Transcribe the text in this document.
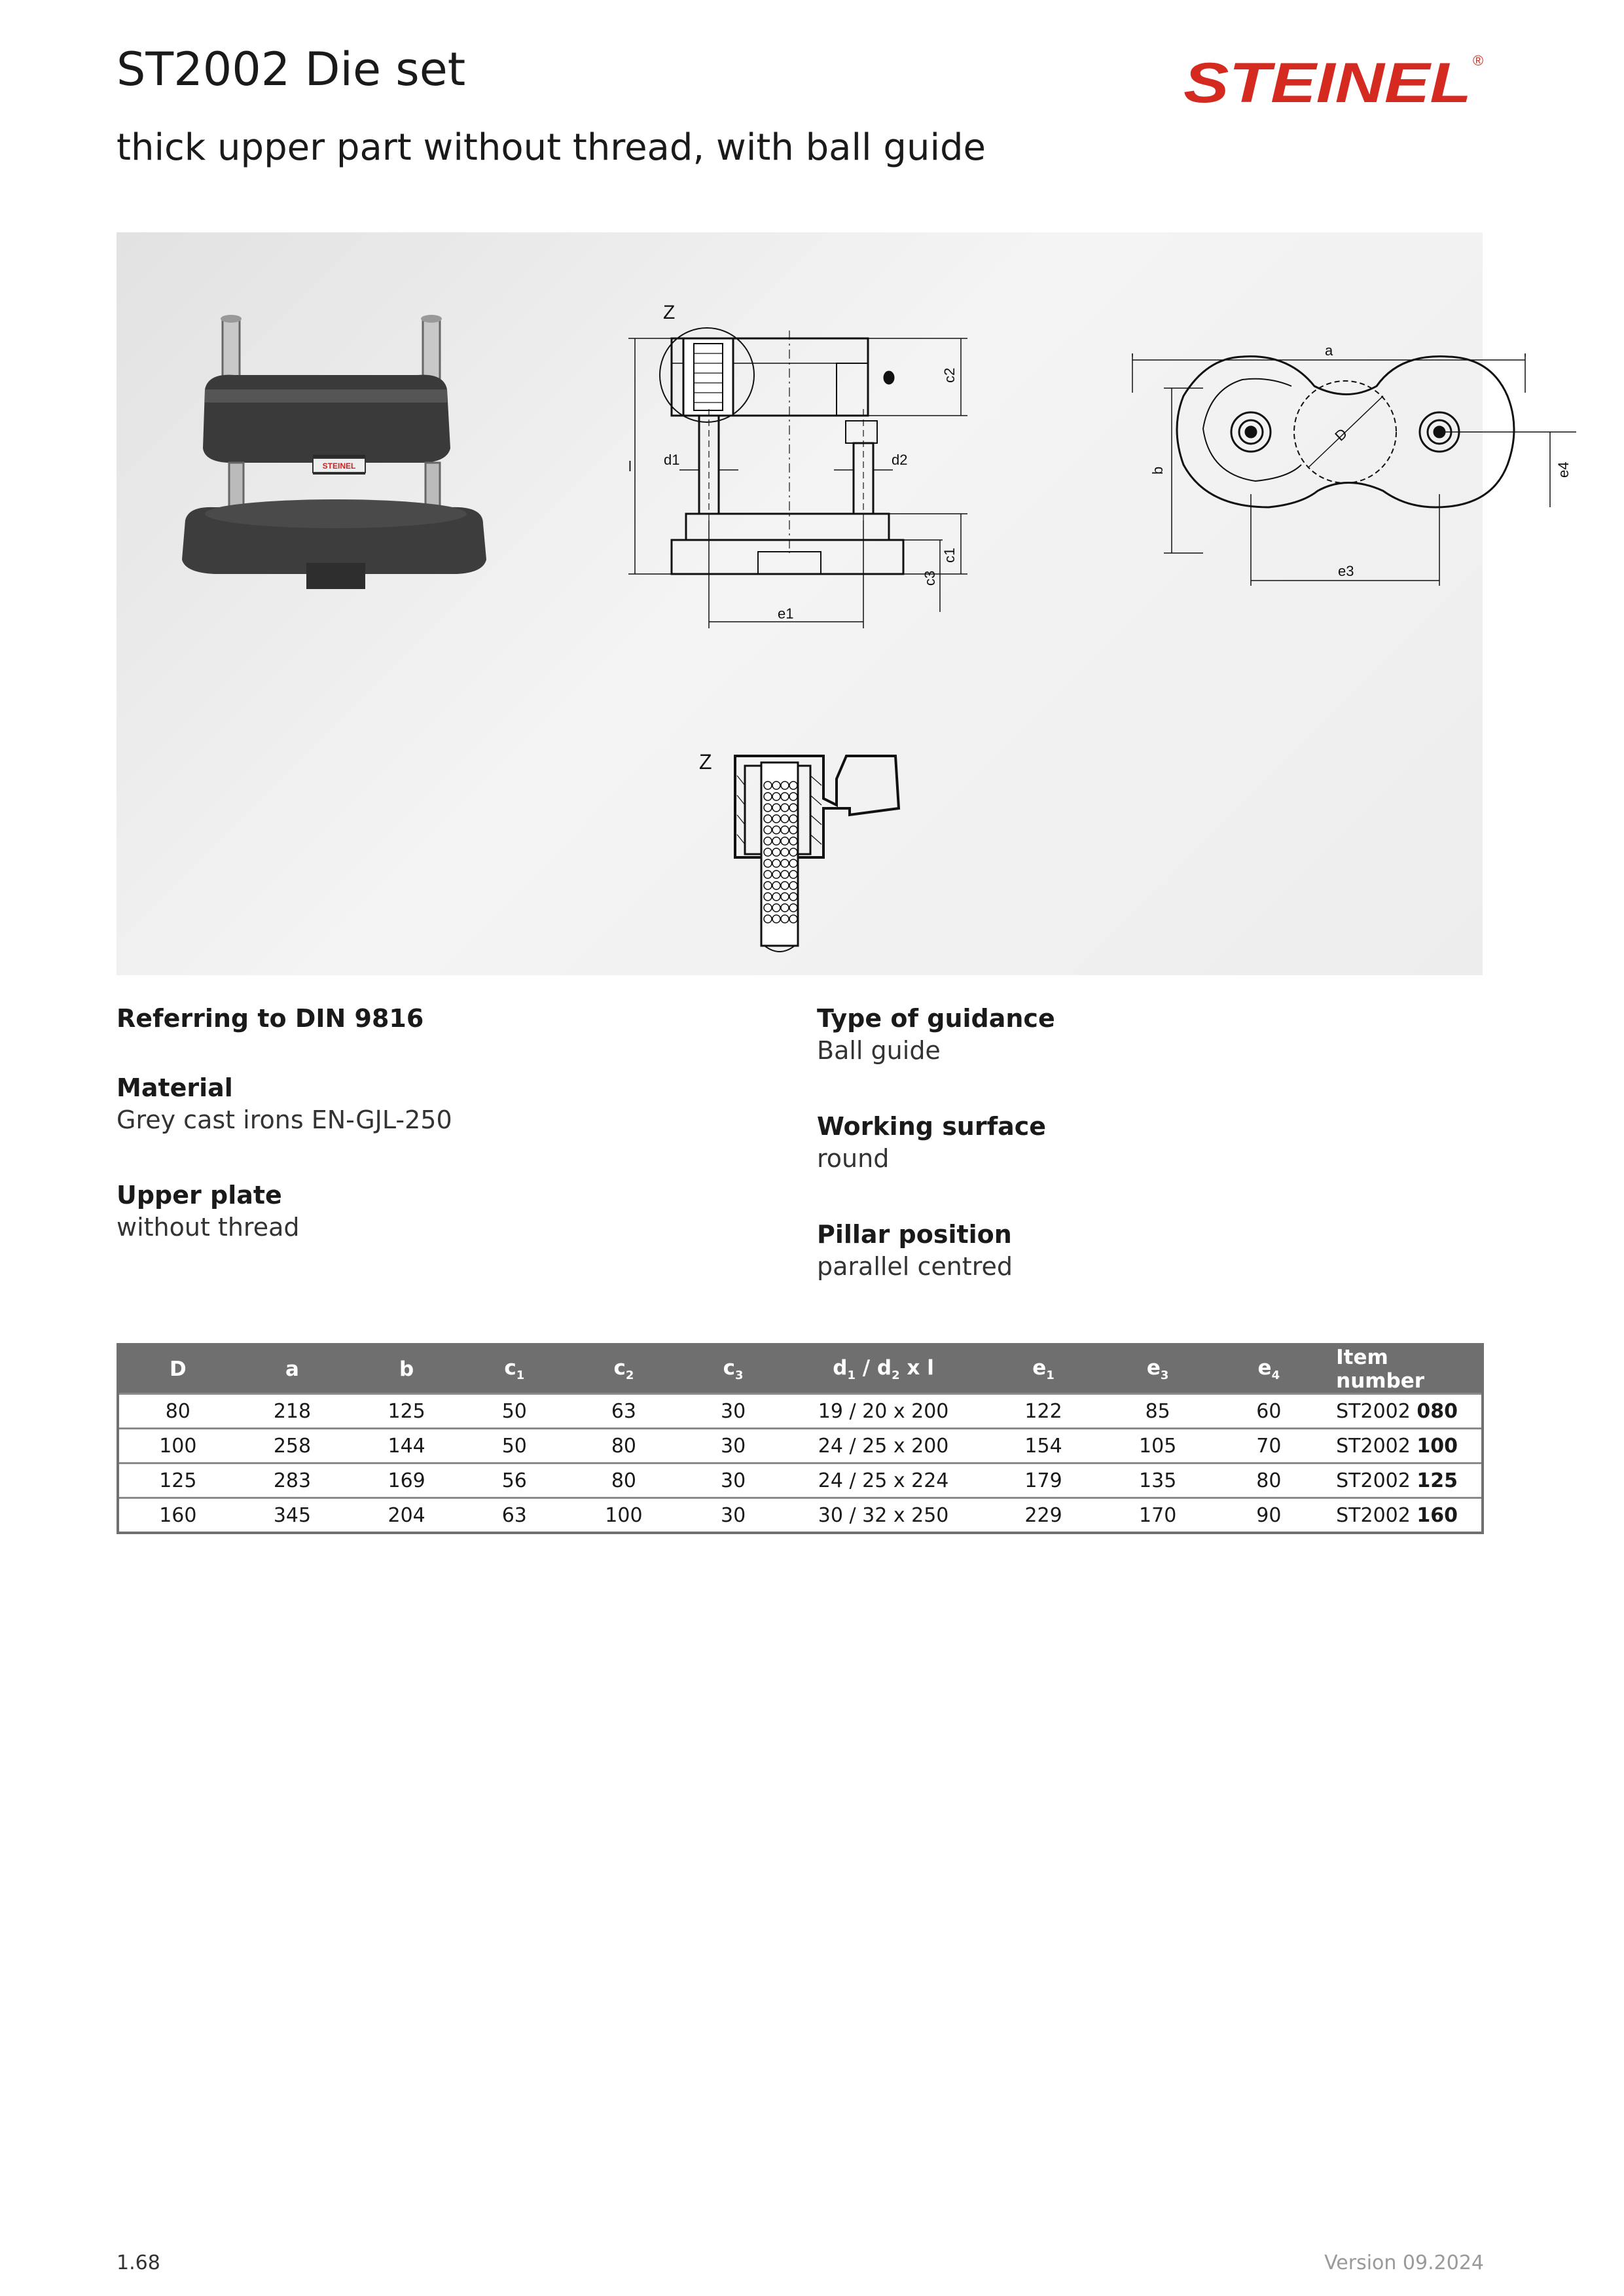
ST2002 Die set
thick upper part without thread, with ball guide
STEINEL ®
STEINEL
Z
c2
c1
c3
l d1	d2
e1
a
b	e4
e3
D
Z
Referring to DIN 9816
Material
Grey cast irons EN-GJL-250
Upper plate
without thread
Type of guidance
Ball guide
Working surface
round
Pillar position
parallel centred
D	a	b	$c_1$	$c_2$	$c_3$	$d_1 / d_2$ x l	$e_1$	$e_3$	$e_4$	Item number
80	218	125	50	63	30	19 / 20 x 200	122	85	60	ST2002 080
100	258	144	50	80	30	24 / 25 x 200	154	105	70	ST2002 100
125	283	169	56	80	30	24 / 25 x 224	179	135	80	ST2002 125
160	345	204	63	100	30	30 / 32 x 250	229	170	90	ST2002 160
1.68	Version 09.2024
